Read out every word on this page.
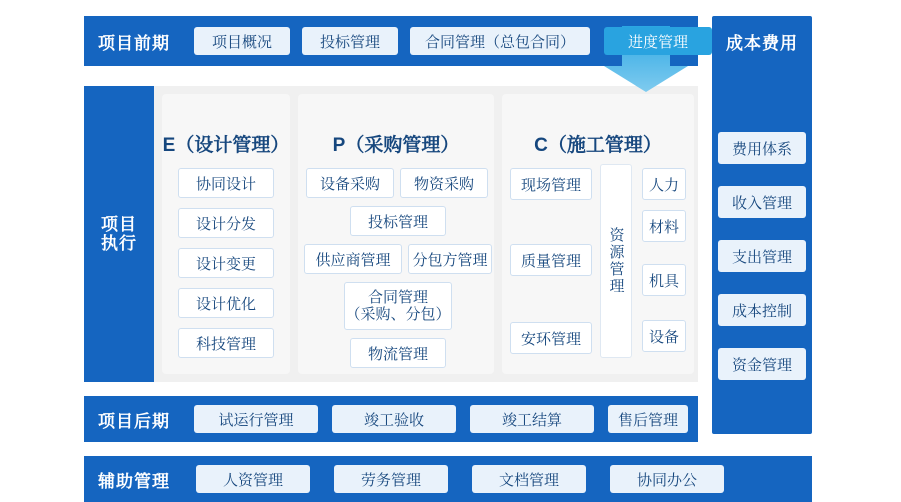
项目前期	项目概况	投标管理	合同管理（总包合同）	进度管理	成本费用
费用体系
收入管理
支出管理
成本控制
资金管理
项目
执行
E（设计管理）
协同设计
设计分发
设计变更
设计优化
科技管理
P（采购管理）
设备采购	物资采购
投标管理
供应商管理	分包方管理
合同管理
（采购、分包）
物流管理
C（施工管理）
现场管理
质量管理
安环管理
资源管理
人力
材料
机具
设备
项目后期	试运行管理	竣工验收	竣工结算	售后管理
辅助管理	人资管理	劳务管理	文档管理	协同办公
